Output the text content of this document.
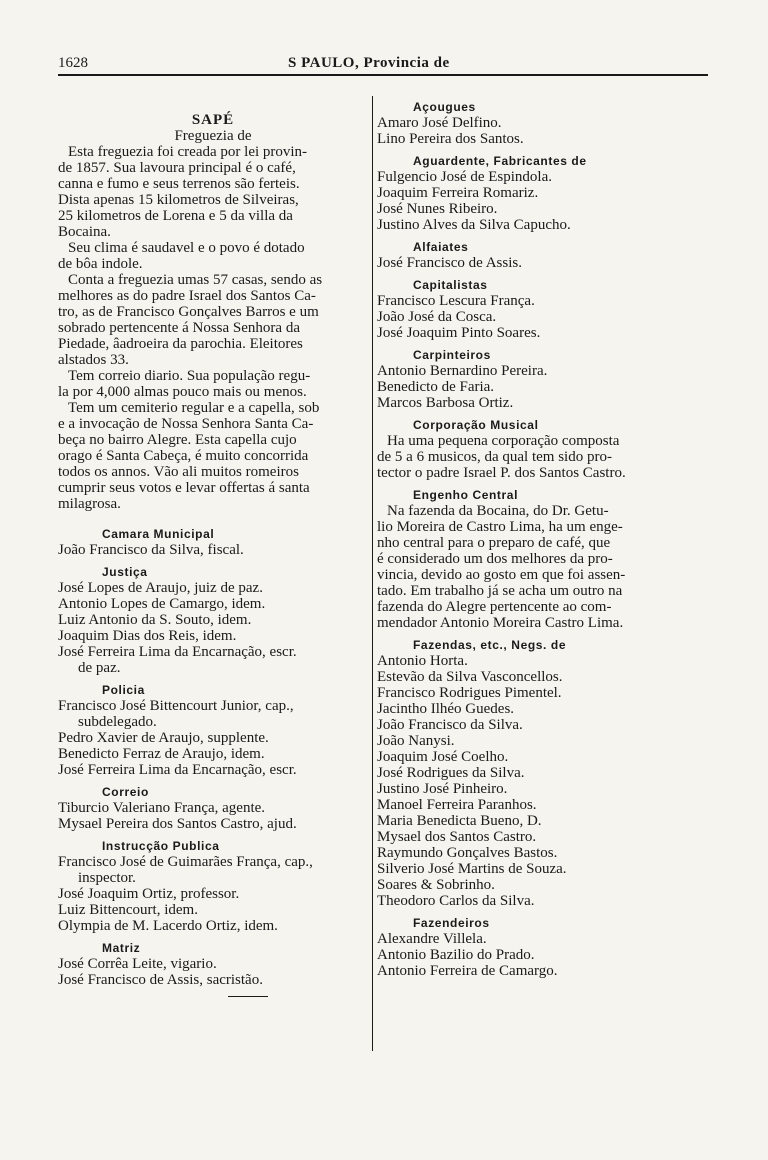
1628	S PAULO, Provincia de

SAPÉ

Freguezia de

Esta freguezia foi creada por lei provin-

de 1857. Sua lavoura principal é o café,

canna e fumo e seus terrenos são ferteis.

Dista apenas 15 kilometros de Silveiras,

25 kilometros de Lorena e 5 da villa da

Bocaina.

Seu clima é saudavel e o povo é dotado

de bôa indole.

Conta a freguezia umas 57 casas, sendo as

melhores as do padre Israel dos Santos Ca-

tro, as de Francisco Gonçalves Barros e um

sobrado pertencente á Nossa Senhora da

Piedade, âadroeira da parochia. Eleitores

alstados 33.

Tem correio diario. Sua população regu-

la por 4,000 almas pouco mais ou menos.

Tem um cemiterio regular e a capella, sob

e a invocação de Nossa Senhora Santa Ca-

beça no bairro Alegre. Esta capella cujo

orago é Santa Cabeça, é muito concorrida

todos os annos. Vão ali muitos romeiros

cumprir seus votos e levar offertas á santa

milagrosa.

Camara Municipal

João Francisco da Silva, fiscal.

Justiça

José Lopes de Araujo, juiz de paz.

Antonio Lopes de Camargo, idem.

Luiz Antonio da S. Souto, idem.

Joaquim Dias dos Reis, idem.

José Ferreira Lima da Encarnação, escr.

de paz.

Policia

Francisco José Bittencourt Junior, cap.,

subdelegado.

Pedro Xavier de Araujo, supplente.

Benedicto Ferraz de Araujo, idem.

José Ferreira Lima da Encarnação, escr.

Correio

Tiburcio Valeriano França, agente.

Mysael Pereira dos Santos Castro, ajud.

Instrucção Publica

Francisco José de Guimarães França, cap.,

inspector.

José Joaquim Ortiz, professor.

Luiz Bittencourt, idem.

Olympia de M. Lacerdo Ortiz, idem.

Matriz

José Corrêa Leite, vigario.

José Francisco de Assis, sacristão.

Açougues

Amaro José Delfino.

Lino Pereira dos Santos.

Aguardente, Fabricantes de

Fulgencio José de Espindola.

Joaquim Ferreira Romariz.

José Nunes Ribeiro.

Justino Alves da Silva Capucho.

Alfaiates

José Francisco de Assis.

Capitalistas

Francisco Lescura França.

João José da Cosca.

José Joaquim Pinto Soares.

Carpinteiros

Antonio Bernardino Pereira.

Benedicto de Faria.

Marcos Barbosa Ortiz.

Corporação Musical

Ha uma pequena corporação composta

de 5 a 6 musicos, da qual tem sido pro-

tector o padre Israel P. dos Santos Castro.

Engenho Central

Na fazenda da Bocaina, do Dr. Getu-

lio Moreira de Castro Lima, ha um enge-

nho central para o preparo de café, que

é considerado um dos melhores da pro-

vincia, devido ao gosto em que foi assen-

tado. Em trabalho já se acha um outro na

fazenda do Alegre pertencente ao com-

mendador Antonio Moreira Castro Lima.

Fazendas, etc., Negs. de

Antonio Horta.

Estevão da Silva Vasconcellos.

Francisco Rodrigues Pimentel.

Jacintho Ilhéo Guedes.

João Francisco da Silva.

João Nanysi.

Joaquim José Coelho.

José Rodrigues da Silva.

Justino José Pinheiro.

Manoel Ferreira Paranhos.

Maria Benedicta Bueno, D.

Mysael dos Santos Castro.

Raymundo Gonçalves Bastos.

Silverio José Martins de Souza.

Soares & Sobrinho.

Theodoro Carlos da Silva.

Fazendeiros

Alexandre Villela.

Antonio Bazilio do Prado.

Antonio Ferreira de Camargo.
